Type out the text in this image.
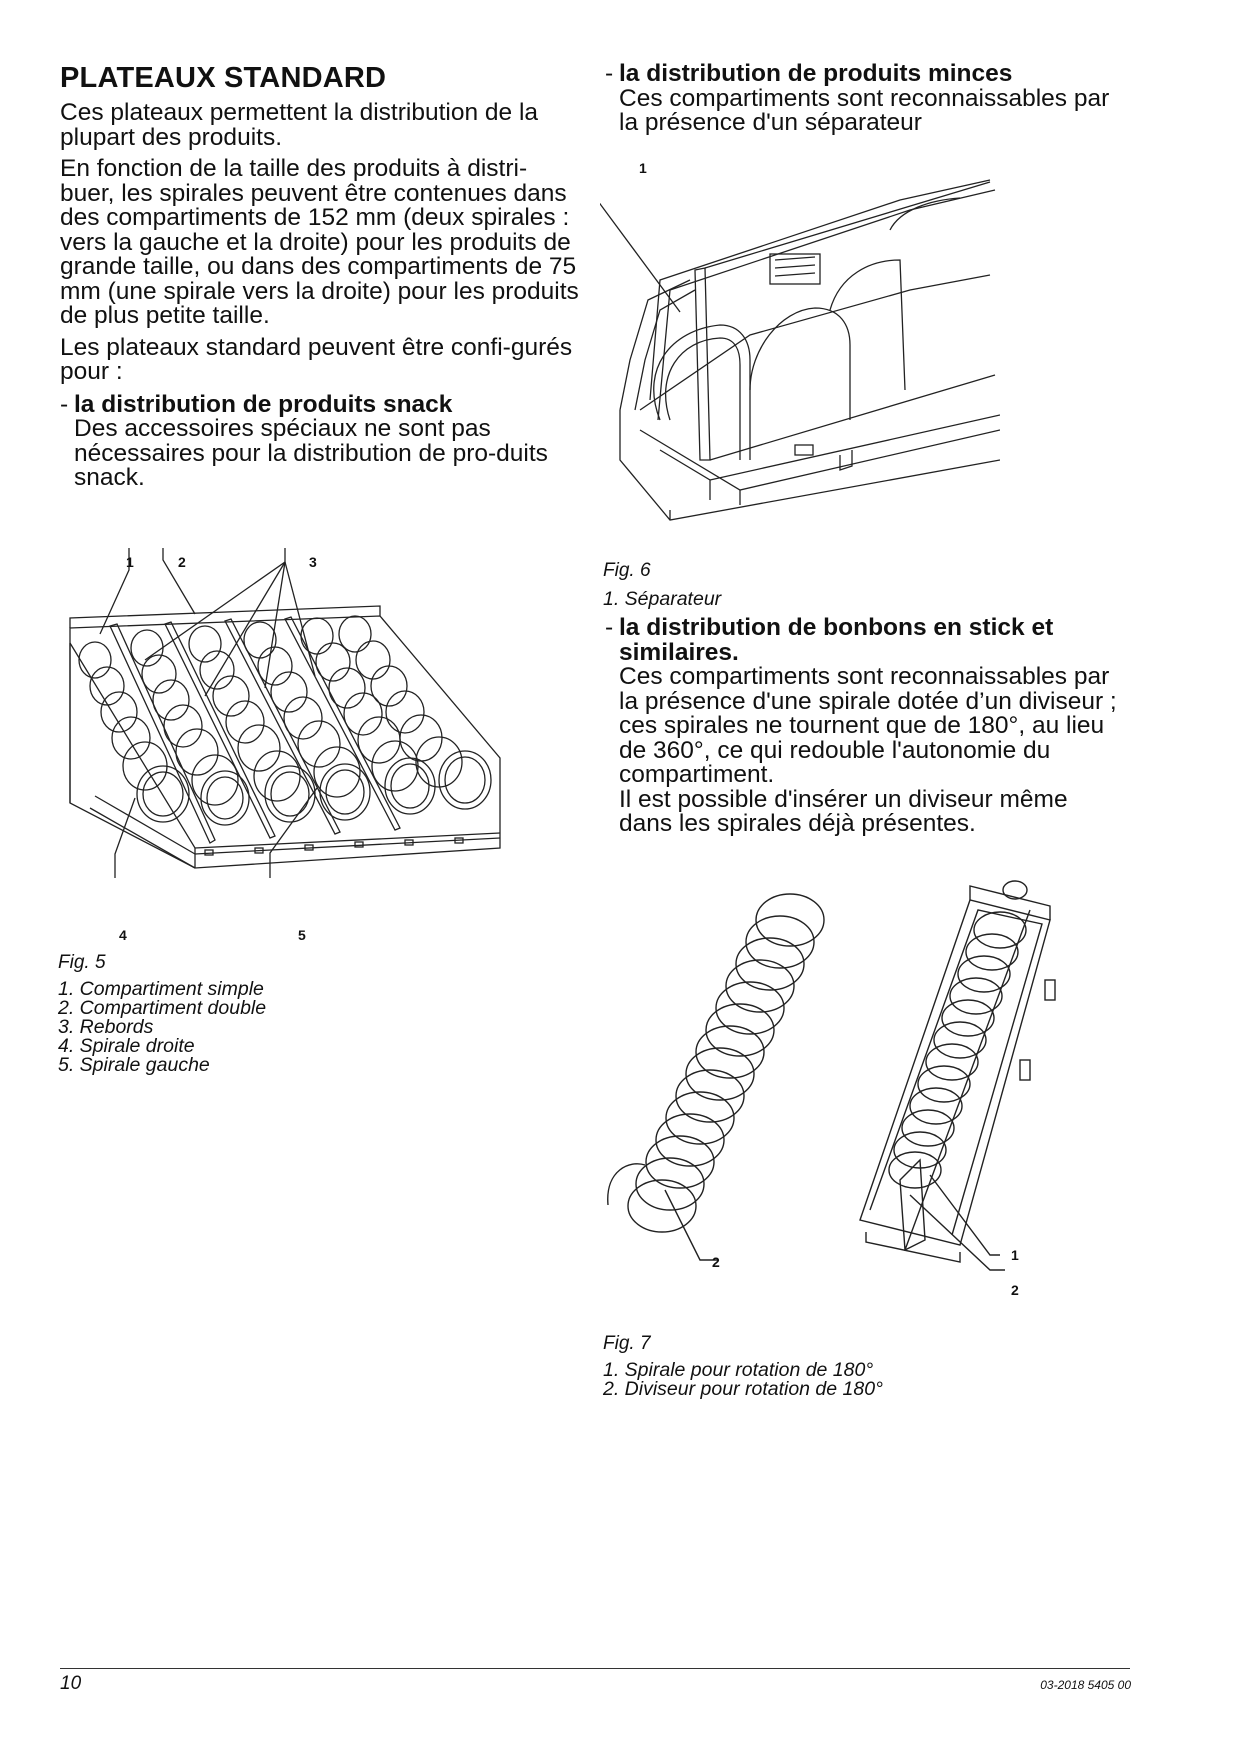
PLATEAUX STANDARD

Ces plateaux permettent la distribution de la plupart des produits.

En fonction de la taille des produits à distri-buer, les spirales peuvent être contenues dans des compartiments de 152 mm (deux spirales : vers la gauche et la droite) pour les produits de grande taille, ou dans des compartiments de 75 mm (une spirale vers la droite) pour les produits de plus petite taille.

Les plateaux standard peuvent être confi-gurés pour :

- la distribution de produits snack
Des accessoires spéciaux ne sont pas nécessaires pour la distribution de pro-duits snack.
1	2	3
4	5
Fig. 5
1. Compartiment simple
2. Compartiment double
3. Rebords
4. Spirale droite
5. Spirale gauche
- la distribution de produits minces
Ces compartiments sont reconnaissables par la présence d'un séparateur
1
Fig. 6
1. Séparateur
- la distribution de bonbons en stick et similaires.
Ces compartiments sont reconnaissables par la présence d'une spirale dotée d’un diviseur ; ces spirales ne tournent que de 180°, au lieu de 360°, ce qui redouble l'autonomie du compartiment.
Il est possible d'insérer un diviseur même dans les spirales déjà présentes.
2	1
2
Fig. 7
1. Spirale pour rotation de 180°
2. Diviseur pour rotation de 180°
10	03-2018 5405 00
